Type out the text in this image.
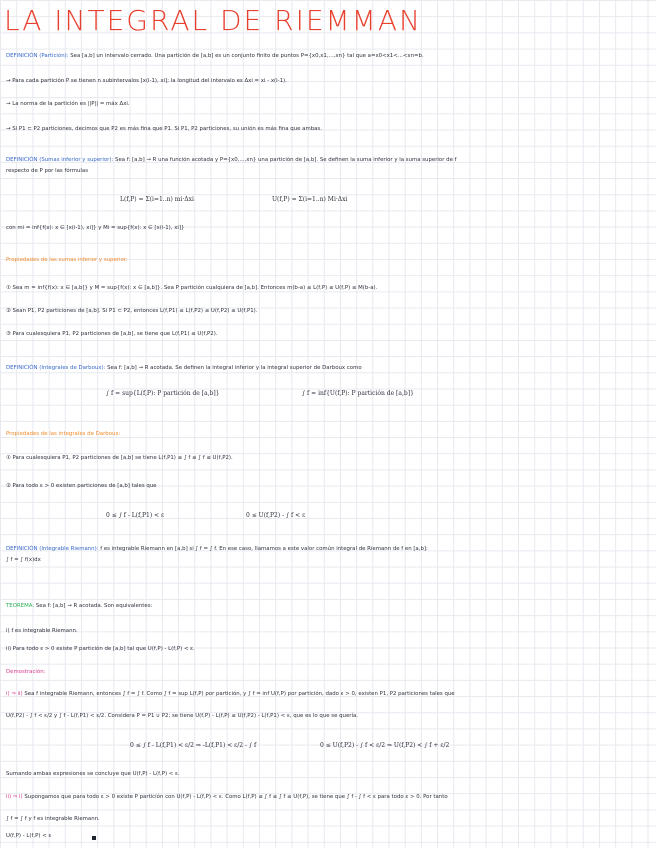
LA INTEGRAL DE RIEMMAN
DEFINICIÓN (Partición): Sea [a,b] un intervalo cerrado. Una partición de [a,b] es un conjunto finito de puntos P={x0,x1,...,xn} tal que a=x0<x1<...<xn=b.
→ Para cada partición P se tienen n subintervalos [x(i-1), xi]; la longitud del intervalo es Δxi = xi - x(i-1).
→ La norma de la partición es ||P|| = máx Δxi.
→ Si P1 ⊂ P2 particiones, decimos que P2 es más fina que P1. Si P1, P2 particiones, su unión es más fina que ambas.
DEFINICIÓN (Sumas inferior y superior): Sea f: [a,b] → R una función acotada y P={x0,...,xn} una partición de [a,b]. Se definen la suma inferior y la suma superior de f
respecto de P por las fórmulas
con mi = inf{f(x): x ∈ [x(i-1), xi]} y Mi = sup{f(x): x ∈ [x(i-1), xi]}
Propiedades de las sumas inferior y superior:
① Sea m = inf{f(x): x ∈ [a,b]} y M = sup{f(x): x ∈ [a,b]}. Sea P partición cualquiera de [a,b]. Entonces m(b-a) ≤ L(f,P) ≤ U(f,P) ≤ M(b-a).
② Sean P1, P2 particiones de [a,b]. Si P1 ⊂ P2, entonces L(f,P1) ≤ L(f,P2) ≤ U(f,P2) ≤ U(f,P1).
③ Para cualesquiera P1, P2 particiones de [a,b], se tiene que L(f,P1) ≤ U(f,P2).
DEFINICIÓN (Integrales de Darboux): Sea f: [a,b] → R acotada. Se definen la integral inferior y la integral superior de Darboux como
Propiedades de las integrales de Darboux:
① Para cualesquiera P1, P2 particiones de [a,b] se tiene L(f,P1) ≤ ∫ f ≤ ∫ f ≤ U(f,P2).
② Para todo ε > 0 existen particiones de [a,b] tales que
DEFINICIÓN (Integrable Riemann): f es integrable Riemann en [a,b] si ∫ f = ∫ f. En ese caso, llamamos a este valor común integral de Riemann de f en [a,b]:
∫ f = ∫ f(x)dx
TEOREMA: Sea f: [a,b] → R acotada. Son equivalentes:
i) f es integrable Riemann.
ii) Para todo ε > 0 existe P partición de [a,b] tal que U(f,P) - L(f,P) < ε.
Demostración:
i) ⇒ ii) Sea f integrable Riemann, entonces ∫ f = ∫ f. Como ∫ f = sup L(f,P) por partición, y ∫ f = inf U(f,P) por partición, dado ε > 0, existen P1, P2 particiones tales que
U(f,P2) - ∫ f < ε/2 y ∫ f - L(f,P1) < ε/2. Considera P = P1 ∪ P2; se tiene U(f,P) - L(f,P) ≤ U(f,P2) - L(f,P1) < ε, que es lo que se quería.
Sumando ambas expresiones se concluye que U(f,P) - L(f,P) < ε.
ii) ⇒ i) Supongamos que para todo ε > 0 existe P partición con U(f,P) - L(f,P) < ε. Como L(f,P) ≤ ∫ f ≤ ∫ f ≤ U(f,P), se tiene que ∫ f - ∫ f < ε para todo ε > 0. Por tanto
∫ f = ∫ f y f es integrable Riemann.
U(f,P) - L(f,P) < ε
L(f,P) = Σ(i=1..n) mi·Δxi	U(f,P) = Σ(i=1..n) Mi·Δxi
∫ f = sup{L(f,P): P partición de [a,b]}	∫ f = inf{U(f,P): P partición de [a,b]}
0 ≤ ∫ f - L(f,P1) < ε	0 ≤ U(f,P2) - ∫ f < ε
0 ≤ ∫ f - L(f,P1) < ε/2 ⇒ -L(f,P1) < ε/2 - ∫ f	0 ≤ U(f,P2) - ∫ f < ε/2 ⇒ U(f,P2) < ∫ f + ε/2
